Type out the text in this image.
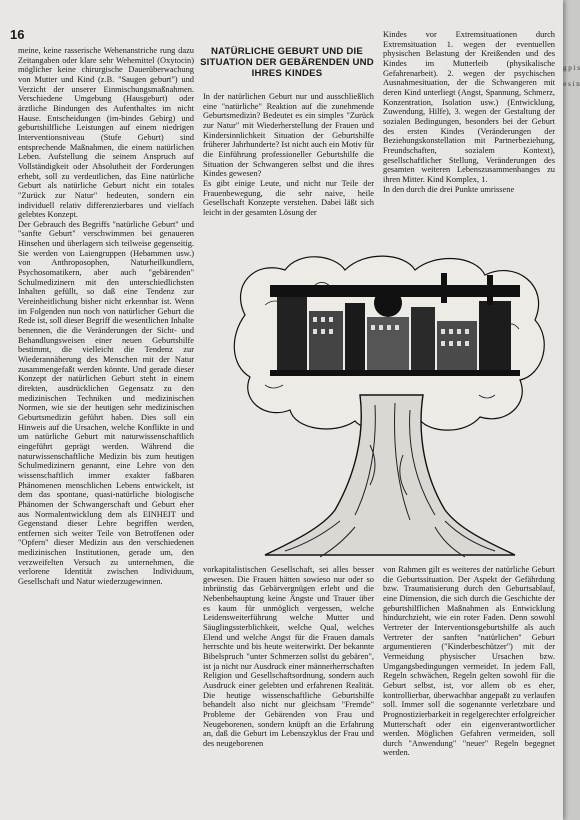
16

meine, keine rasserische Wehenanstriche rung dazu Zeitangaben oder klare sehr Wehemittel (Oxytocin) möglicher keine chirurgische Dauerüberwachung von Mutter und Kind (z.B. "Saugen geburt") und Verzicht der unserer Einmischungsmaßnahmen. Verschiedene Umgebung (Hausgeburt) oder ärztliche Bindungen des Aufenthaltes im nicht Hause. Entscheidungen (im-bindes Gebirg) und geburtshilfliche Leistungen auf einem niedrigen Interventionsniveau (Stufe Geburt) sind entsprechende Maßnahmen, die einem natürlichen Leben. Aufstellung die seinem Anspruch auf Vollständigkeit oder Absolutheit der Forderungen erhebt, soll zu verdeutlichen, das Eine natürliche Geburt als natürliche Geburt nicht ein totales "Zurück zur Natur" bedeuten, sondern ein individuell relativ differenzierbares und vielfach gelebtes Konzept.
Der Gebrauch des Begriffs "natürliche Geburt" und "sanfte Geburt" verschwimmen bei genaueren Hinsehen und überlagern sich teilweise gegenseitig. Sie werden von Laiengruppen (Hebammen usw.) von Anthroposophen, Naturheilkundlern, Psychosomatikern, aber auch "gebärenden" Schulmedizinern mit den unterschiedlichsten Inhalten gefüllt, so daß eine Tendenz zur Vereinheitlichung bisher nicht erkennbar ist. Wenn im Folgenden nun noch von natürlicher Geburt die Rede ist, soll dieser Begriff die wesentlichen Inhalte benennen, die die Veränderungen der Sicht- und Behandlungsweisen einer neuen Geburtshilfe bestimmt, die vielleicht die Tendenz zur Wiederannäherung des Menschen mit der Natur zusammengefaßt werden könnte. Und gerade dieser Konzept der natürlichen Geburt steht in einem direkten, ausdrücklichen Gegensatz zu den medizinischen Techniken und medizinischen Normen, wie sie der heutigen sehr medizinischen Geburtsmedizin geführt haben. Dies soll ein Hinweis auf die Ursachen, welche Konflikte in und um natürliche Geburt mit naturwissenschaftlich eingeführt geprägt werden. Während die naturwissenschaftliche Medizin bis zum heutigen Schulmedizinern genannt, eine Lehre von den wissenschaftlich immer exakter faßbaren Phänomenen menschlichen Lebens entwickelt, ist dem das spontane, quasi-natürliche biologische Phänomen der Schwangerschaft und Geburt eher aus Normalentwicklung dem als EINHEIT und Gegenstand dieser Lehre begriffen werden, entfernen sich weiter Teile von Betroffenen oder "Opfern" dieser Medizin aus den verschiedenen medizinischen Institutionen, gerade um, den verzweifelten Versuch zu unternehmen, die verlorene Identität zwischen Individuum, Gesellschaft und Natur wiederzugewinnen.

NATÜRLICHE GEBURT UND DIE SITUATION DER GEBÄRENDEN UND IHRES KINDES

In der natürlichen Geburt nur und ausschließlich eine "natürliche" Reaktion auf die zunehmende Geburtsmedizin? Bedeutet es ein simples "Zurück zur Natur" mit Wiederherstellung der Frauen und Kindersinnlichkeit Situation der Geburtshilfe früherer Jahrhunderte? Ist nicht auch ein Motiv für die Einführung professioneller Geburtshilfe die Situation der Schwangeren selbst und die ihres Kindes gewesen?
Es gibt einige Leute, und nicht nur Teile der Frauenbewegung, die sehr naive, heile Gesellschaft Konzepte verstehen. Dabei läßt sich leicht in der gesamten Lösung der

Kindes vor Extremsituationen durch Extremsituation 1. wegen der eventuellen physischen Belastung der Kreißenden und des Kindes im Mutterleib (physikalische Gefahrenarbeit). 2. wegen der psychischen Ausnahmesituation, der die Schwangeren mit deren Kind unterliegt (Angst, Spannung, Schmerz, Konzentration, Isolation usw.) (Entwicklung, Zuwendung, Hilfe), 3. wegen der Gestaltung der sozialen Bedingungen, besonders bei der Geburt des ersten Kindes (Veränderungen der Beziehungskonstellation mit Partnerbeziehung, Freundschaften, sozialem Kontext), gesellschaftlicher Stellung, Veränderungen des gesamten weiteren Lebenszusammenhanges zu ihren Mitter. Kind Komplex, 1.
In den durch die drei Punkte umrissene

vorkapitalistischen Gesellschaft, sei alles besser gewesen. Die Frauen hätten sowieso nur oder so inbrünstig das Gebärvergnügen erlebt und die Nebenbehauptung keine Ängste und Trauer über es kaum für unmöglich vergessen, welche Leidensweiterführung welche Mutter und Säuglingssterblichkeit, welche Qual, welches Elend und welche Angst für die Frauen damals herrschte und bis heute weiterwirkt. Der bekannte Bibelspruch "unter Schmerzen sollst du gebären", ist ja nicht nur Ausdruck einer männerherrschaften Religion und Gesellschaftsordnung, sondern auch Ausdruck einer gelebten und erfahrenen Realität. Die heutige wissenschaftliche Geburtshilfe behandelt also nicht nur gleichsam "Fremde" Probleme der Gebärenden von Frau und Neugeborenen, sondern knüpft an die Erfahrung an, daß die Geburt im Lebenszyklus der Frau und des neugeborenen

von Rahmen gilt es weiteres der natürliche Geburt die Geburtssituation. Der Aspekt der Gefährdung bzw. Traumatisierung durch den Geburtsablauf, eine Dimension, die sich durch die Geschichte der geburtshilflichen Maßnahmen als Entwicklung hindurchzieht, wie ein roter Faden. Denn sowohl Vertreter der Interventionsgeburtshilfe als auch Vertreter der sanften "natürlichen" Geburt argumentieren ("Kinderbeschützer") mit der Vermeidung physischer Ursachen bzw. Umgangsbedingungen vermeidet. In jedem Fall, Regeln schwächen, Regeln gelten sowohl für die Geburt selbst, ist, vor allem ob es eher, kontrollierbar, überwachbar angepaßt zu verlaufen soll. Immer soll die sogenannte verletzbare und Prognostizierbarkeit in regelgerechter erfolgreicher Mutterschaft oder ein eigenverantwortlicher werden. Möglichen Gefahren vermeiden, soll durch "Anwendung" "neuer" Regeln begegnet werden.

g p i s e s i n
